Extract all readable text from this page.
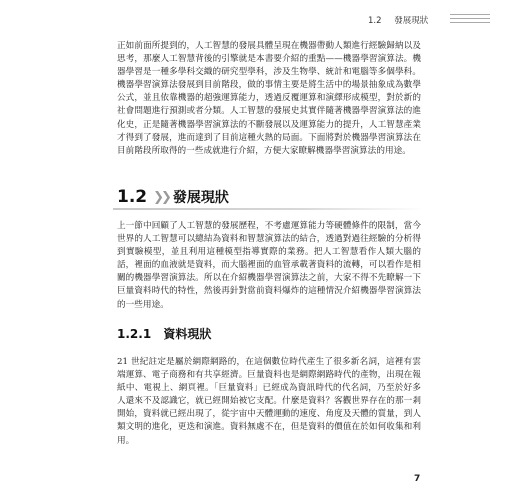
1.2 發展現狀

正如前面所提到的，人工智慧的發展具體呈現在機器帶動人類進行經驗歸納以及思考，那麼人工智慧背後的引擎就是本書要介紹的重點——機器學習演算法。機器學習是一種多學科交織的研究型學科，涉及生物學、統計和電腦等多個學科。機器學習演算法發展到目前階段，做的事情主要是將生活中的場景抽象成為數學公式，並且依靠機器的超強運算能力，透過反覆運算和演繹形成模型，對於新的社會問題進行預測或者分類。人工智慧的發展史其實伴隨著機器學習演算法的進化史，正是隨著機器學習演算法的不斷發展以及運算能力的提升，人工智慧產業才得到了發展，進而達到了目前這種火熱的局面。下面將對於機器學習演算法在目前階段所取得的一些成就進行介紹，方便大家瞭解機器學習演算法的用途。

1.2 ❯❯ 發展現狀

上一節中回顧了人工智慧的發展歷程，不考慮運算能力等硬體條件的限制，當今世界的人工智慧可以總結為資料和智慧演算法的結合，透過對過往經驗的分析得到實驗模型，並且利用這種模型指導實際的業務。把人工智慧看作人類大腦的話，裡面的血液就是資料，而大腦裡面的血管承載著資料的流轉，可以看作是相關的機器學習演算法。所以在介紹機器學習演算法之前，大家不得不先瞭解一下巨量資料時代的特性，然後再針對當前資料爆炸的這種情況介紹機器學習演算法的一些用途。

1.2.1 資料現狀

21 世紀註定是屬於網際網路的，在這個數位時代產生了很多新名詞，這裡有雲端運算、電子商務和有共享經濟。巨量資料也是網際網路時代的產物，出現在報紙中、電視上、網頁裡。「巨量資料」已經成為資訊時代的代名詞，乃至於好多人還來不及認識它，就已經開始被它支配。什麼是資料？客觀世界存在的那一剎開始，資料就已經出現了，從宇宙中天體運動的速度、角度及天體的質量，到人類文明的進化，更迭和演進。資料無處不在，但是資料的價值在於如何收集和利用。

7
